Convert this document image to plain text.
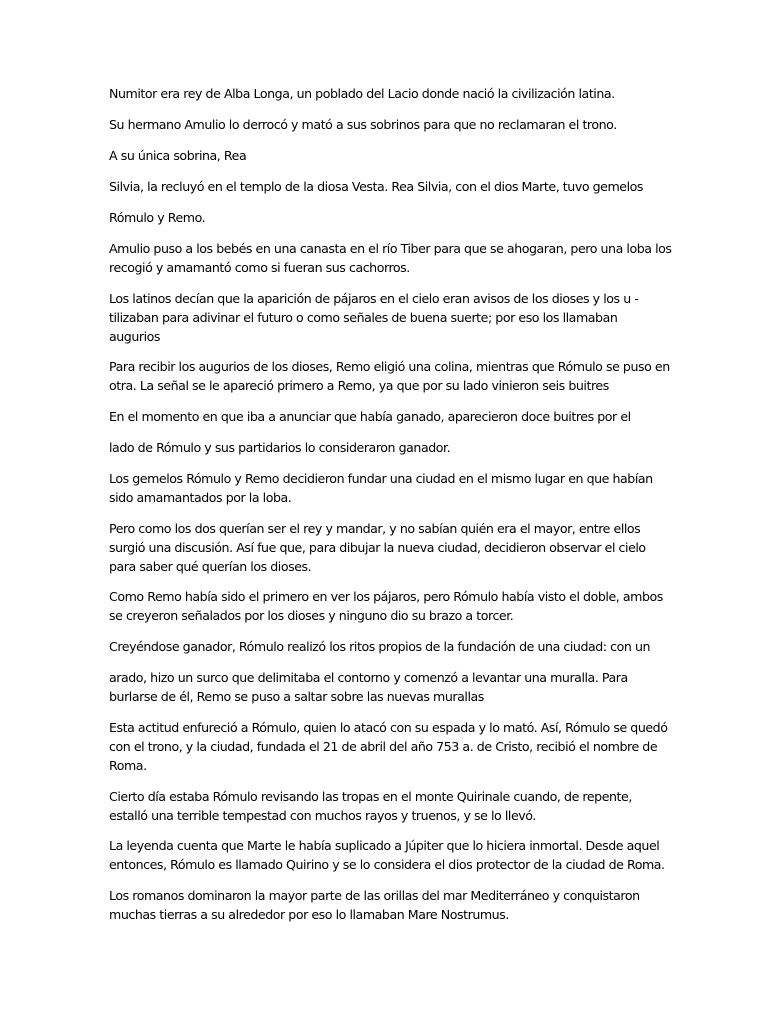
Numitor era rey de Alba Longa, un poblado del Lacio donde nació la civilización latina.

Su hermano Amulio lo derrocó y mató a sus sobrinos para que no reclamaran el trono.

A su única sobrina, Rea

Silvia, la recluyó en el templo de la diosa Vesta. Rea Silvia, con el dios Marte, tuvo gemelos

Rómulo y Remo.

Amulio puso a los bebés en una canasta en el río Tiber para que se ahogaran, pero una loba los

recogió y amamantó como si fueran sus cachorros.

Los latinos decían que la aparición de pájaros en el cielo eran avisos de los dioses y los u -

tilizaban para adivinar el futuro o como señales de buena suerte; por eso los llamaban

augurios

Para recibir los augurios de los dioses, Remo eligió una colina, mientras que Rómulo se puso en

otra. La señal se le apareció primero a Remo, ya que por su lado vinieron seis buitres

En el momento en que iba a anunciar que había ganado, aparecieron doce buitres por el

lado de Rómulo y sus partidarios lo consideraron ganador.

Los gemelos Rómulo y Remo decidieron fundar una ciudad en el mismo lugar en que habían

sido amamantados por la loba.

Pero como los dos querían ser el rey y mandar, y no sabían quién era el mayor, entre ellos

surgió una discusión. Así fue que, para dibujar la nueva ciudad, decidieron observar el cielo

para saber qué querían los dioses.

Como Remo había sido el primero en ver los pájaros, pero Rómulo había visto el doble, ambos

se creyeron señalados por los dioses y ninguno dio su brazo a torcer.

Creyéndose ganador, Rómulo realizó los ritos propios de la fundación de una ciudad: con un

arado, hizo un surco que delimitaba el contorno y comenzó a levantar una muralla. Para

burlarse de él, Remo se puso a saltar sobre las nuevas murallas

Esta actitud enfureció a Rómulo, quien lo atacó con su espada y lo mató. Así, Rómulo se quedó

con el trono, y la ciudad, fundada el 21 de abril del año 753 a. de Cristo, recibió el nombre de

Roma.

Cierto día estaba Rómulo revisando las tropas en el monte Quirinale cuando, de repente,

estalló una terrible tempestad con muchos rayos y truenos, y se lo llevó.

La leyenda cuenta que Marte le había suplicado a Júpiter que lo hiciera inmortal. Desde aquel

entonces, Rómulo es llamado Quirino y se lo considera el dios protector de la ciudad de Roma.

Los romanos dominaron la mayor parte de las orillas del mar Mediterráneo y conquistaron

muchas tierras a su alrededor por eso lo llamaban Mare Nostrumus.
